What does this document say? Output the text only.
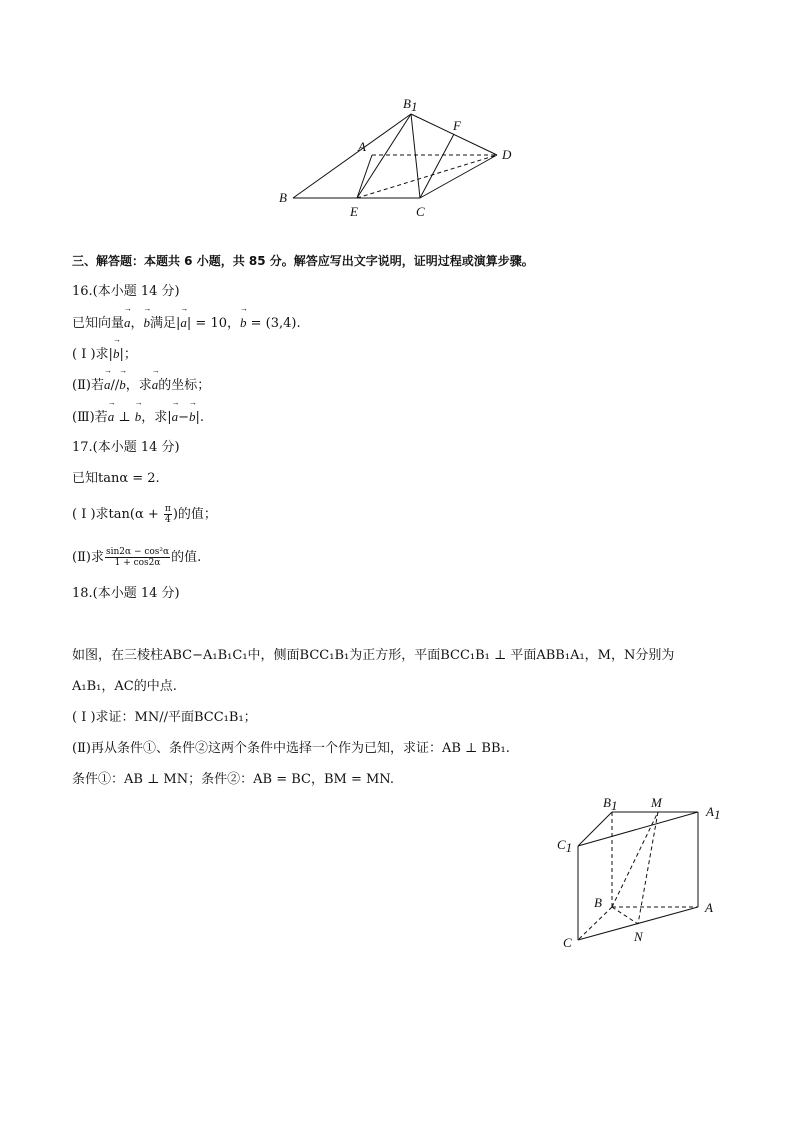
B1
F
A
D
B
E	C
三、解答题：本题共 6 小题，共 85 分。解答应写出文字说明，证明过程或演算步骤。
16.(本小题 14 分)
已知向量→ a，→ b满足|→ a| = 10，→ b = (3,4).
( Ⅰ )求|→ b|；
(Ⅱ)若→ a//→ b，求→ a的坐标；
(Ⅲ)若→ a ⊥ → b，求|→ a−→ b|.
17.(本小题 14 分)
已知tanα = 2.
( Ⅰ )求$\tan(\alpha + \frac{\pi}{4}$ )的值；
(Ⅱ)求 $\frac{\text{sin2α − cos²α}}{1 + \cos 2\alpha}$ 的值.
18.(本小题 14 分)
如图，在三棱柱ABC−A₁B₁C₁中，侧面BCC₁B₁为正方形，平面BCC₁B₁ ⊥ 平面ABB₁A₁，M，N分别为
A₁B₁，AC的中点.
( Ⅰ )求证：MN//平面BCC₁B₁；
(Ⅱ)再从条件①、条件②这两个条件中选择一个作为已知，求证：AB ⊥ BB₁.
条件①：AB ⊥ MN；条件②：AB = BC，BM = MN.
B1	M
A1
C1
B	A
C	N
